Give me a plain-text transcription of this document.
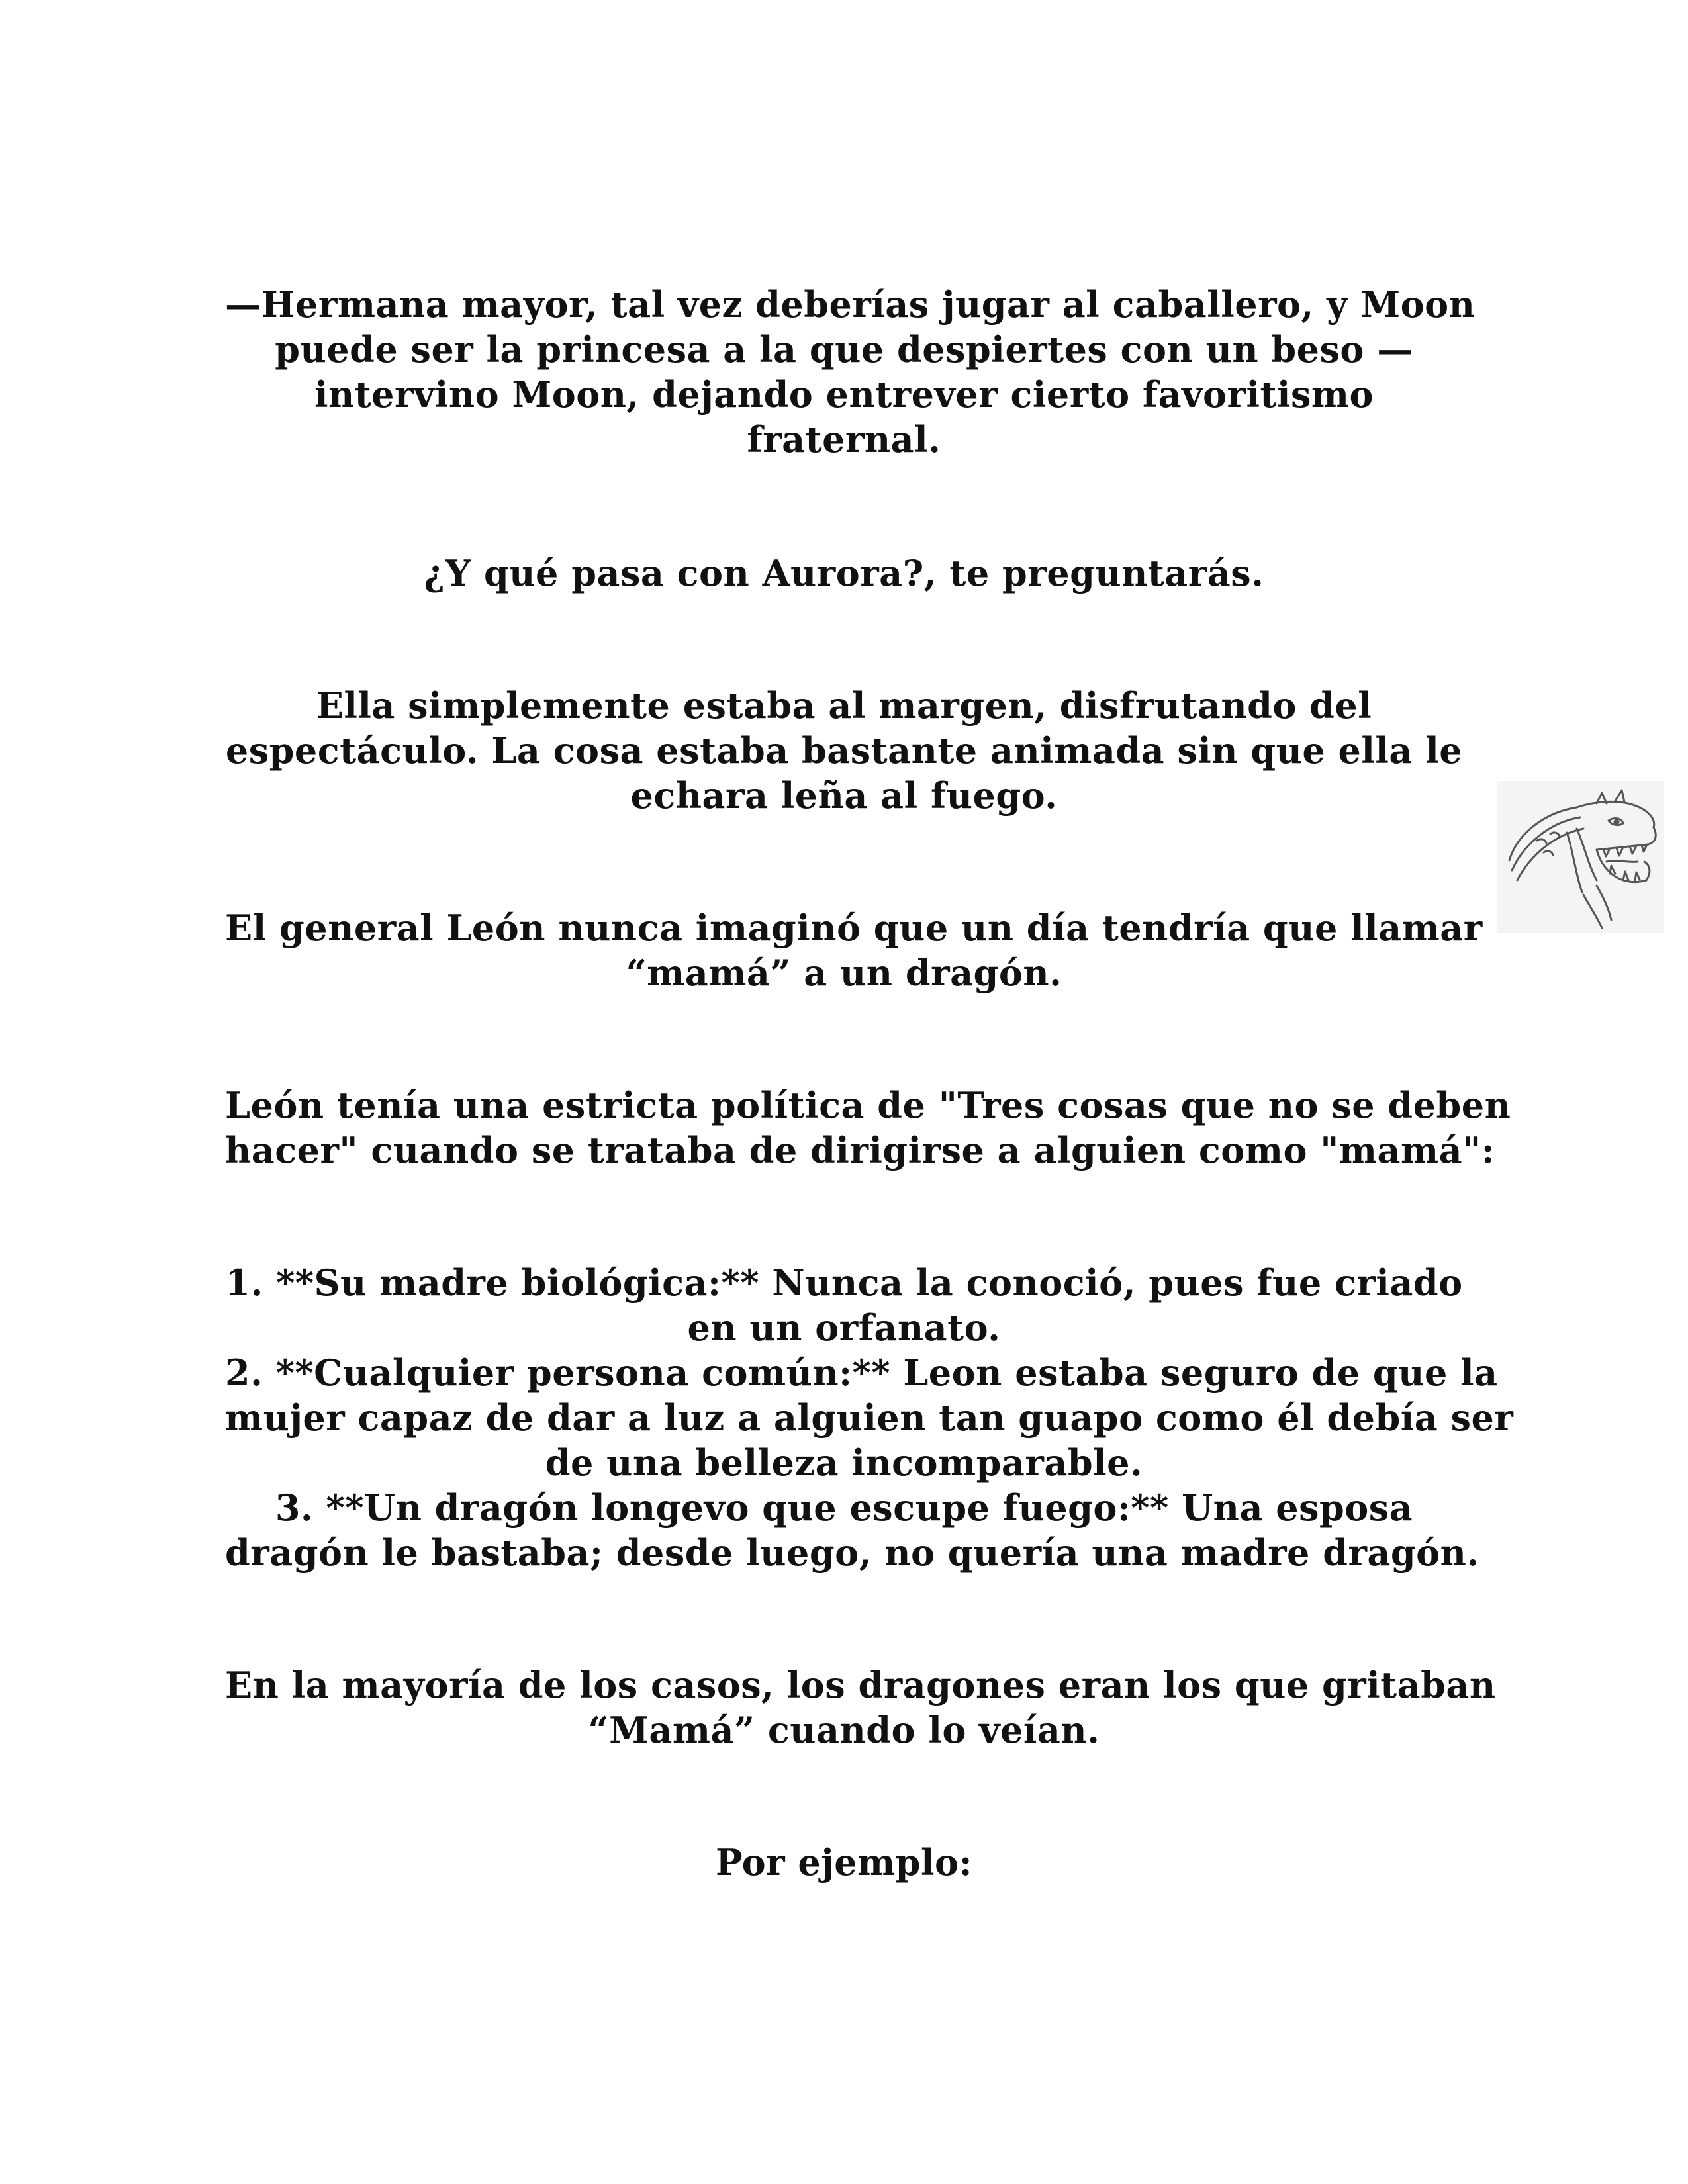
—Hermana mayor, tal vez deberías jugar al caballero, y Moon
puede ser la princesa a la que despiertes con un beso —
intervino Moon, dejando entrever cierto favoritismo
fraternal.
¿Y qué pasa con Aurora?, te preguntarás.
Ella simplemente estaba al margen, disfrutando del
espectáculo. La cosa estaba bastante animada sin que ella le
echara leña al fuego.
El general León nunca imaginó que un día tendría que llamar
“mamá” a un dragón.
León tenía una estricta política de "Tres cosas que no se deben
hacer" cuando se trataba de dirigirse a alguien como "mamá":
1. **Su madre biológica:** Nunca la conoció, pues fue criado
en un orfanato.
2. **Cualquier persona común:** Leon estaba seguro de que la
mujer capaz de dar a luz a alguien tan guapo como él debía ser
de una belleza incomparable.
3. **Un dragón longevo que escupe fuego:** Una esposa
dragón le bastaba; desde luego, no quería una madre dragón.
En la mayoría de los casos, los dragones eran los que gritaban
“Mamá” cuando lo veían.
Por ejemplo:
